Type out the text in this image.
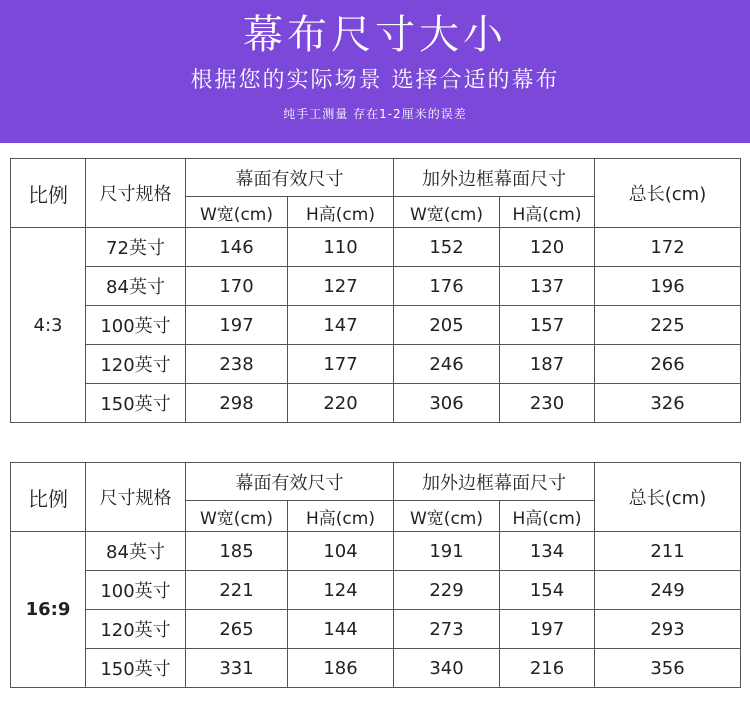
幕布尺寸大小
根据您的实际场景 选择合适的幕布
纯手工测量 存在1-2厘米的误差
比例	尺寸规格	幕面有效尺寸		加外边框幕面尺寸		总长(cm)
		W宽(cm)	H高(cm)	W宽(cm)	H高(cm)	
4:3	72英寸	146	110	152	120	172
	84英寸	170	127	176	137	196
	100英寸	197	147	205	157	225
	120英寸	238	177	246	187	266
	150英寸	298	220	306	230	326
比例	尺寸规格	幕面有效尺寸		加外边框幕面尺寸		总长(cm)
		W宽(cm)	H高(cm)	W宽(cm)	H高(cm)	
16:9	84英寸	185	104	191	134	211
	100英寸	221	124	229	154	249
	120英寸	265	144	273	197	293
	150英寸	331	186	340	216	356
